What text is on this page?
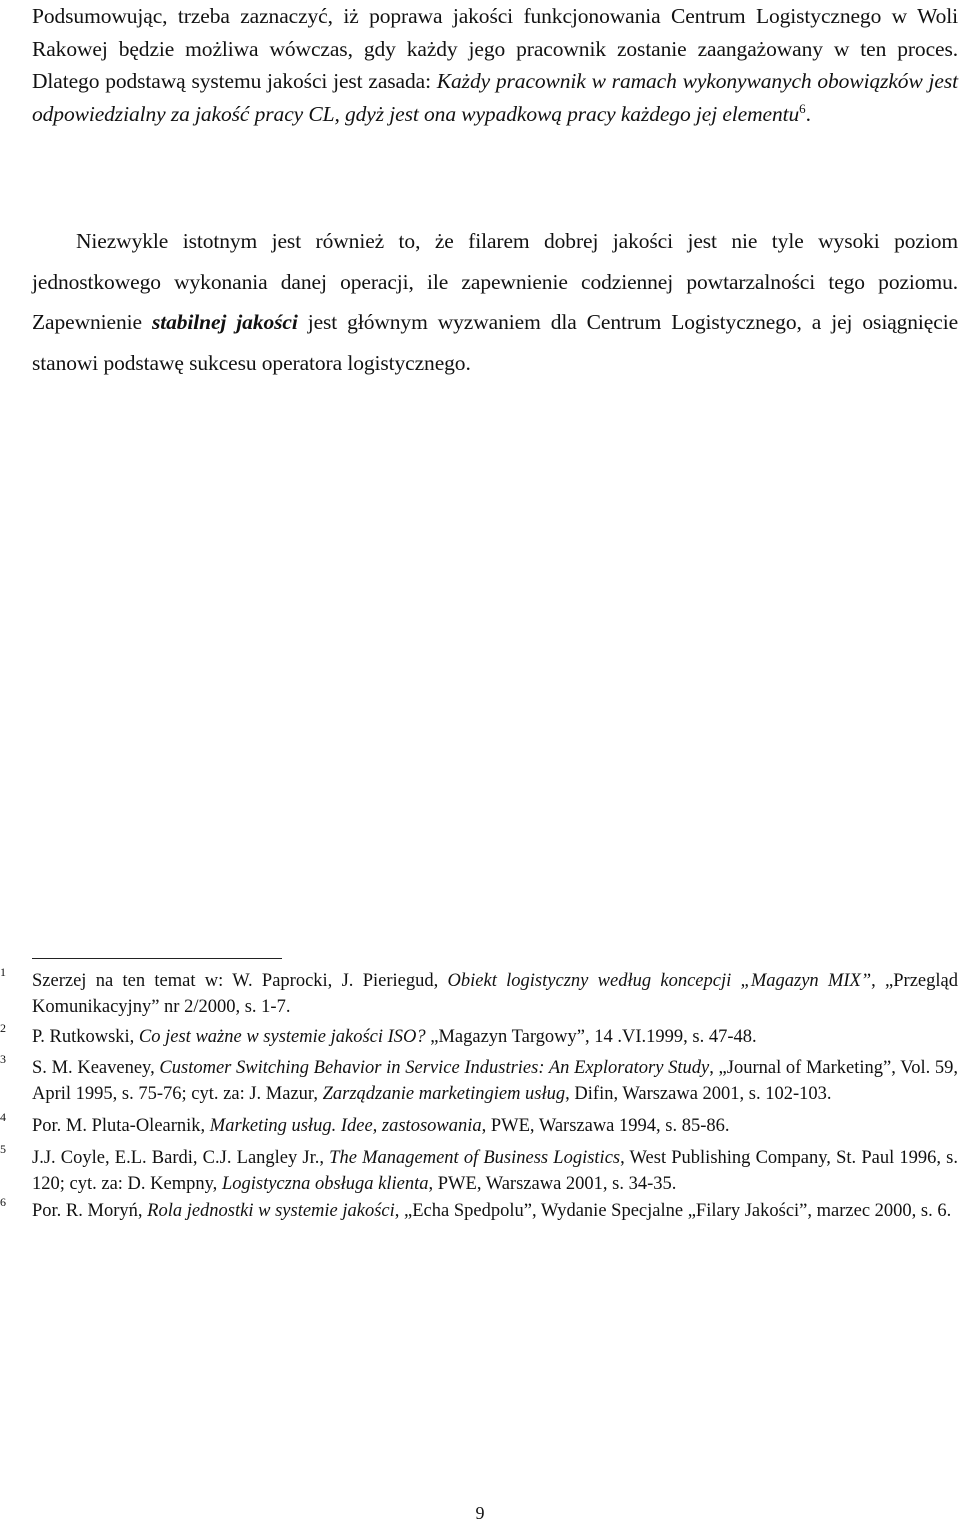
Podsumowując, trzeba zaznaczyć, iż poprawa jakości funkcjonowania Centrum Logistycznego w Woli Rakowej będzie możliwa wówczas, gdy każdy jego pracownik zostanie zaangażowany w ten proces. Dlatego podstawą systemu jakości jest zasada: Każdy pracownik w ramach wykonywanych obowiązków jest odpowiedzialny za jakość pracy CL, gdyż jest ona wypadkową pracy każdego jej elementu$^6$.

Niezwykle istotnym jest również to, że filarem dobrej jakości jest nie tyle wysoki poziom jednostkowego wykonania danej operacji, ile zapewnienie codziennej powtarzalności tego poziomu. Zapewnienie stabilnej jakości jest głównym wyzwaniem dla Centrum Logistycznego, a jej osiągnięcie stanowi podstawę sukcesu operatora logistycznego.

1 Szerzej na ten temat w: W. Paprocki, J. Pieriegud, Obiekt logistyczny według koncepcji „Magazyn MIX”, „Przegląd Komunikacyjny” nr 2/2000, s. 1-7.

2 P. Rutkowski, Co jest ważne w systemie jakości ISO? „Magazyn Targowy”, 14 .VI.1999, s. 47-48.

3 S. M. Keaveney, Customer Switching Behavior in Service Industries: An Exploratory Study, „Journal of Marketing”, Vol. 59, April 1995, s. 75-76; cyt. za: J. Mazur, Zarządzanie marketingiem usług, Difin, Warszawa 2001, s. 102-103.

4 Por. M. Pluta-Olearnik, Marketing usług. Idee, zastosowania, PWE, Warszawa 1994, s. 85-86.

5 J.J. Coyle, E.L. Bardi, C.J. Langley Jr., The Management of Business Logistics, West Publishing Company, St. Paul 1996, s. 120; cyt. za: D. Kempny, Logistyczna obsługa klienta, PWE, Warszawa 2001, s. 34-35.

6 Por. R. Moryń, Rola jednostki w systemie jakości, „Echa Spedpolu”, Wydanie Specjalne „Filary Jakości”, marzec 2000, s. 6.

9
